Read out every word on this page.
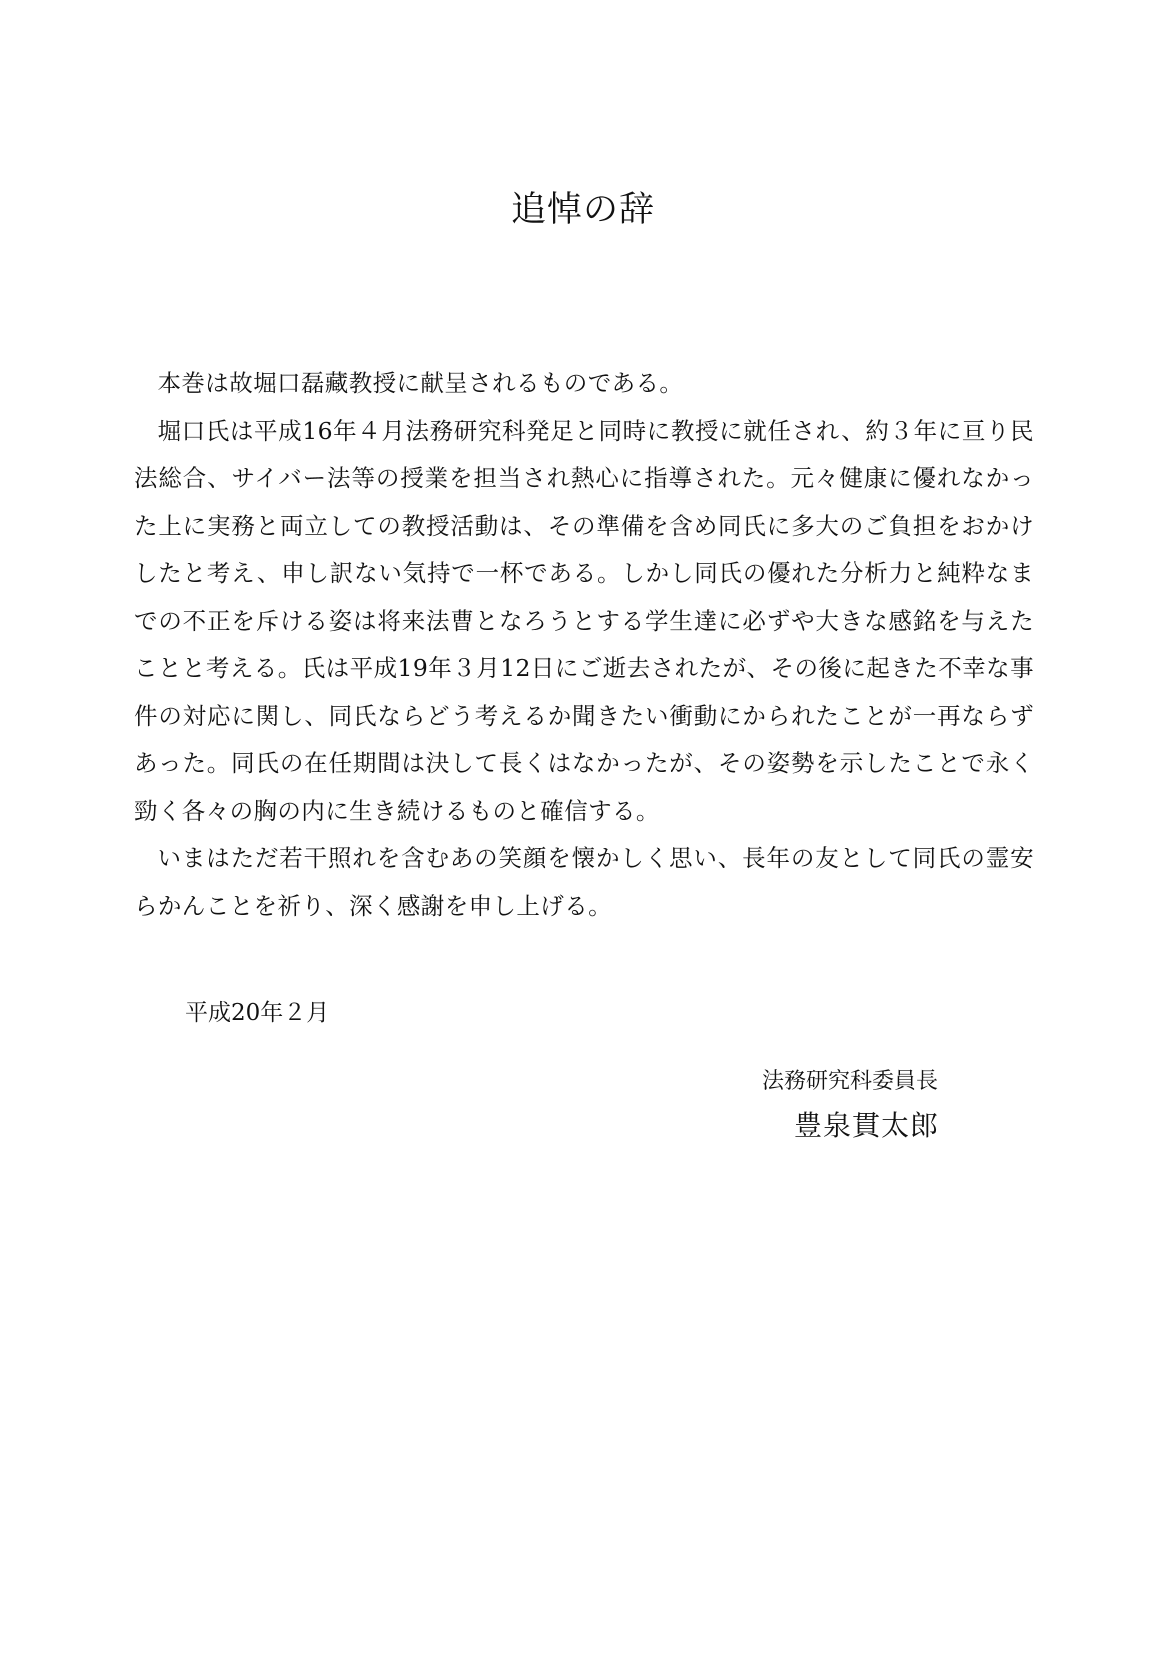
追悼の辞

本巻は故堀口磊藏教授に献呈されるものである。

堀口氏は平成16年４月法務研究科発足と同時に教授に就任され、約３年に亘り民法総合、サイバー法等の授業を担当され熱心に指導された。元々健康に優れなかった上に実務と両立しての教授活動は、その準備を含め同氏に多大のご負担をおかけしたと考え、申し訳ない気持で一杯である。しかし同氏の優れた分析力と純粋なまでの不正を斥ける姿は将来法曹となろうとする学生達に必ずや大きな感銘を与えたことと考える。氏は平成19年３月12日にご逝去されたが、その後に起きた不幸な事件の対応に関し、同氏ならどう考えるか聞きたい衝動にかられたことが一再ならずあった。同氏の在任期間は決して長くはなかったが、その姿勢を示したことで永く勁く各々の胸の内に生き続けるものと確信する。

いまはただ若干照れを含むあの笑顔を懐かしく思い、長年の友として同氏の霊安らかんことを祈り、深く感謝を申し上げる。

平成20年２月

法務研究科委員長

豊泉貫太郎
